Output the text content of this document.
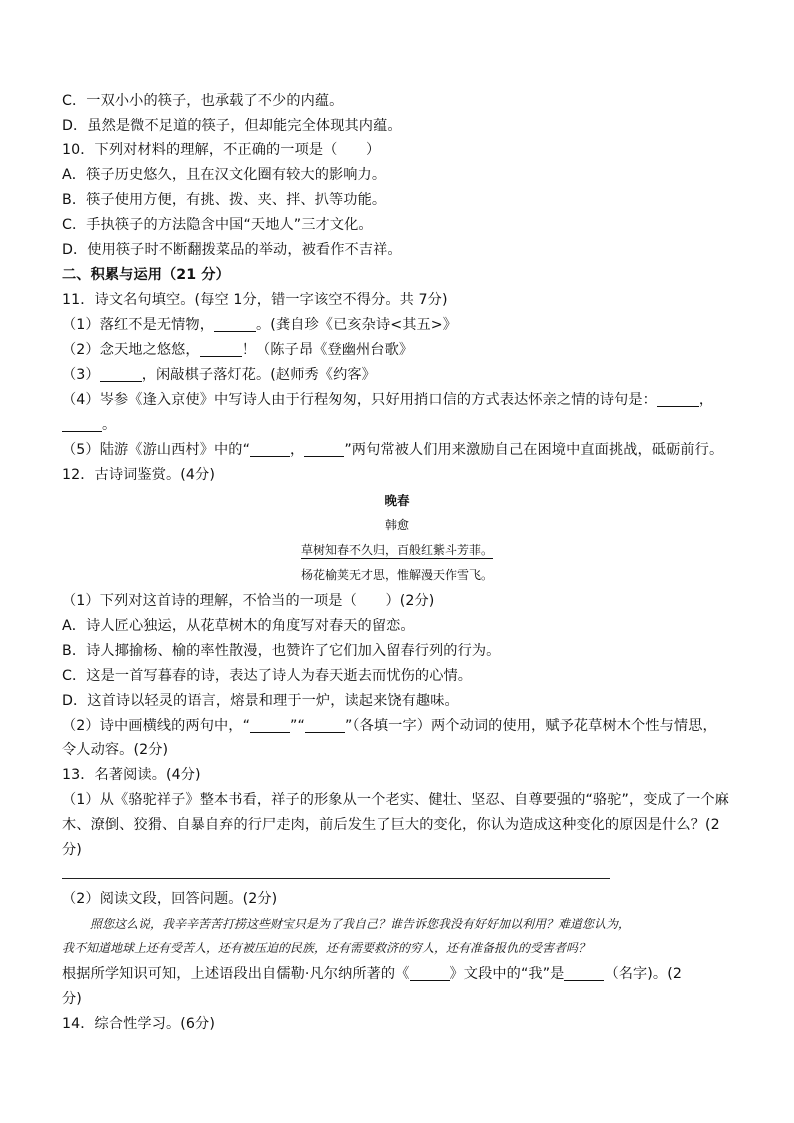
C．一双小小的筷子，也承载了不少的内蕴。
D．虽然是微不足道的筷子，但却能完全体现其内蕴。
10．下列对材料的理解，不正确的一项是（　　）
A．筷子历史悠久，且在汉文化圈有较大的影响力。
B．筷子使用方便，有挑、拨、夹、拌、扒等功能。
C．手执筷子的方法隐含中国“天地人”三才文化。
D．使用筷子时不断翻拨菜品的举动，被看作不吉祥。
二、积累与运用（21 分）
11．诗文名句填空。(每空 1分，错一字该空不得分。共 7分)
（1）落红不是无情物，	。(龚自珍《已亥杂诗<其五>》
（2）念天地之悠悠，	！（陈子昂《登幽州台歌》
（3）	，闲敲棋子落灯花。(赵师秀《约客》
（4）岑参《逢入京使》中写诗人由于行程匆匆，只好用捎口信的方式表达怀亲之情的诗句是：	，
。
（5）陆游《游山西村》中的“	，	”两句常被人们用来激励自己在困境中直面挑战，砥砺前行。
12．古诗词鉴赏。(4分)
晚春
韩愈
草树知春不久归，百般红紫斗芳菲。
杨花榆荚无才思，惟解漫天作雪飞。
（1）下列对这首诗的理解，不恰当的一项是（　　）(2分)
A．诗人匠心独运，从花草树木的角度写对春天的留恋。
B．诗人揶揄杨、榆的率性散漫，也赞许了它们加入留春行列的行为。
C．这是一首写暮春的诗，表达了诗人为春天逝去而忧伤的心情。
D．这首诗以轻灵的语言，熔景和理于一炉，读起来饶有趣味。
（2）诗中画横线的两句中，“	”“	”（各填一字）两个动词的使用，赋予花草树木个性与情思，
令人动容。(2分)
13．名著阅读。(4分)
（1）从《骆驼祥子》整本书看，祥子的形象从一个老实、健壮、坚忍、自尊要强的“骆驼”，变成了一个麻
木、潦倒、狡猾、自暴自弃的行尸走肉，前后发生了巨大的变化，你认为造成这种变化的原因是什么？(2
分)
（2）阅读文段，回答问题。(2分)
照您这么说，我辛辛苦苦打捞这些财宝只是为了我自己？谁告诉您我没有好好加以利用？难道您认为，
我不知道地球上还有受苦人，还有被压迫的民族，还有需要救济的穷人，还有准备报仇的受害者吗？
根据所学知识可知，上述语段出自儒勒·凡尔纳所著的《	》文段中的“我”是	（名字)。(2
分)
14．综合性学习。(6分)
